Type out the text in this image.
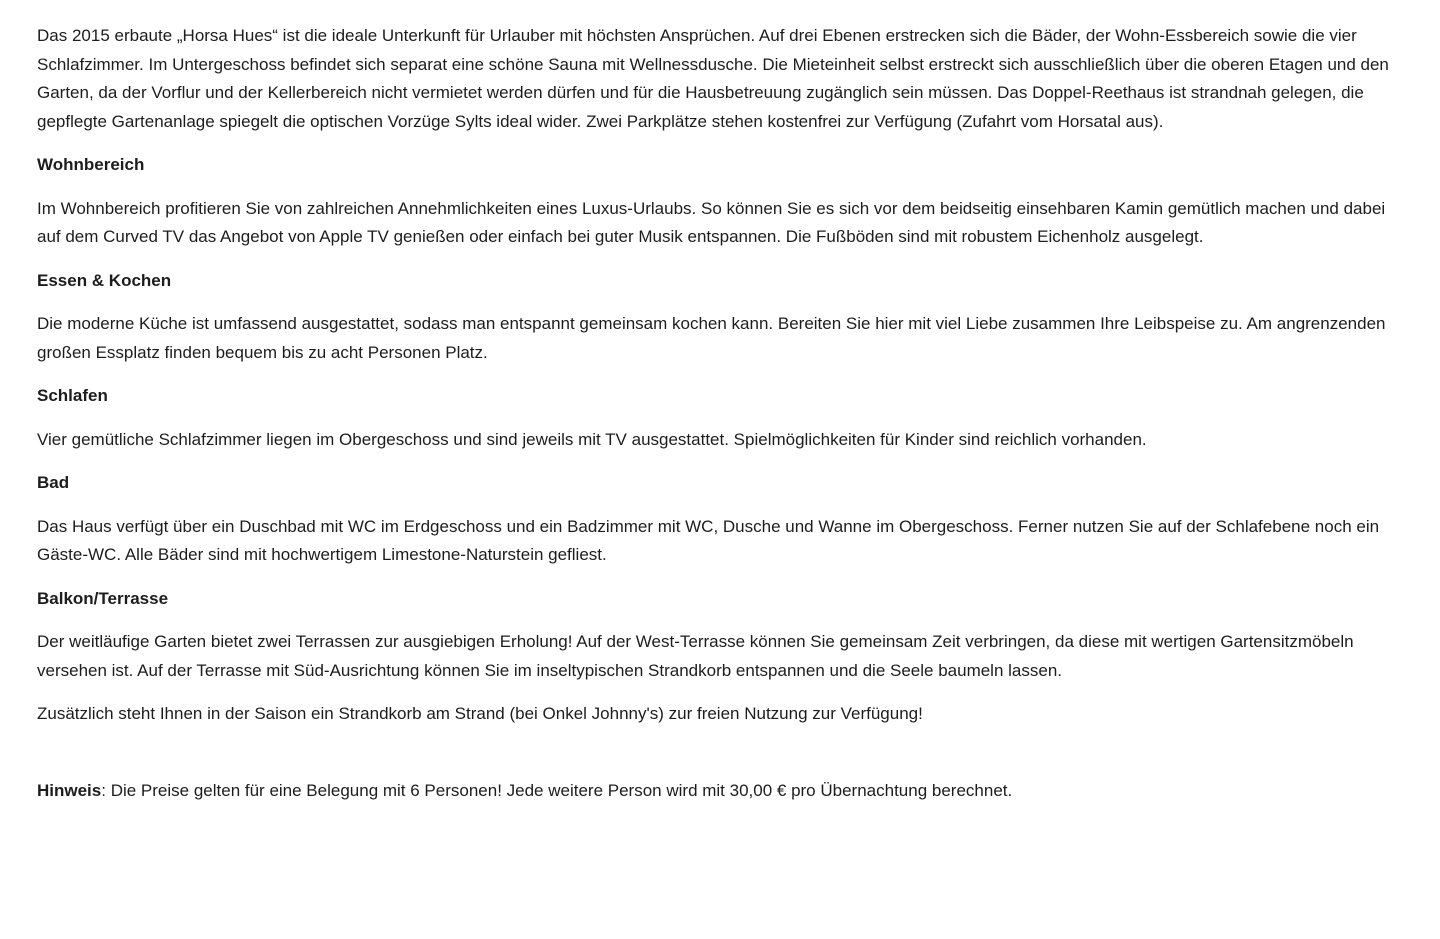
Das 2015 erbaute „Horsa Hues“ ist die ideale Unterkunft für Urlauber mit höchsten Ansprüchen. Auf drei Ebenen erstrecken sich die Bäder, der Wohn-Essbereich sowie die vier Schlafzimmer. Im Untergeschoss befindet sich separat eine schöne Sauna mit Wellnessdusche. Die Mieteinheit selbst erstreckt sich ausschließlich über die oberen Etagen und den Garten, da der Vorflur und der Kellerbereich nicht vermietet werden dürfen und für die Hausbetreuung zugänglich sein müssen. Das Doppel-Reethaus ist strandnah gelegen, die gepflegte Gartenanlage spiegelt die optischen Vorzüge Sylts ideal wider. Zwei Parkplätze stehen kostenfrei zur Verfügung (Zufahrt vom Horsatal aus).

Wohnbereich

Im Wohnbereich profitieren Sie von zahlreichen Annehmlichkeiten eines Luxus-Urlaubs. So können Sie es sich vor dem beidseitig einsehbaren Kamin gemütlich machen und dabei auf dem Curved TV das Angebot von Apple TV genießen oder einfach bei guter Musik entspannen. Die Fußböden sind mit robustem Eichenholz ausgelegt.

Essen & Kochen

Die moderne Küche ist umfassend ausgestattet, sodass man entspannt gemeinsam kochen kann. Bereiten Sie hier mit viel Liebe zusammen Ihre Leibspeise zu. Am angrenzenden großen Essplatz finden bequem bis zu acht Personen Platz.

Schlafen

Vier gemütliche Schlafzimmer liegen im Obergeschoss und sind jeweils mit TV ausgestattet. Spielmöglichkeiten für Kinder sind reichlich vorhanden.

Bad

Das Haus verfügt über ein Duschbad mit WC im Erdgeschoss und ein Badzimmer mit WC, Dusche und Wanne im Obergeschoss. Ferner nutzen Sie auf der Schlafebene noch ein Gäste-WC. Alle Bäder sind mit hochwertigem Limestone-Naturstein gefliest.

Balkon/Terrasse

Der weitläufige Garten bietet zwei Terrassen zur ausgiebigen Erholung! Auf der West-Terrasse können Sie gemeinsam Zeit verbringen, da diese mit wertigen Gartensitzmöbeln versehen ist. Auf der Terrasse mit Süd-Ausrichtung können Sie im inseltypischen Strandkorb entspannen und die Seele baumeln lassen.

Zusätzlich steht Ihnen in der Saison ein Strandkorb am Strand (bei Onkel Johnny's) zur freien Nutzung zur Verfügung!

Hinweis: Die Preise gelten für eine Belegung mit 6 Personen! Jede weitere Person wird mit 30,00 € pro Übernachtung berechnet.
